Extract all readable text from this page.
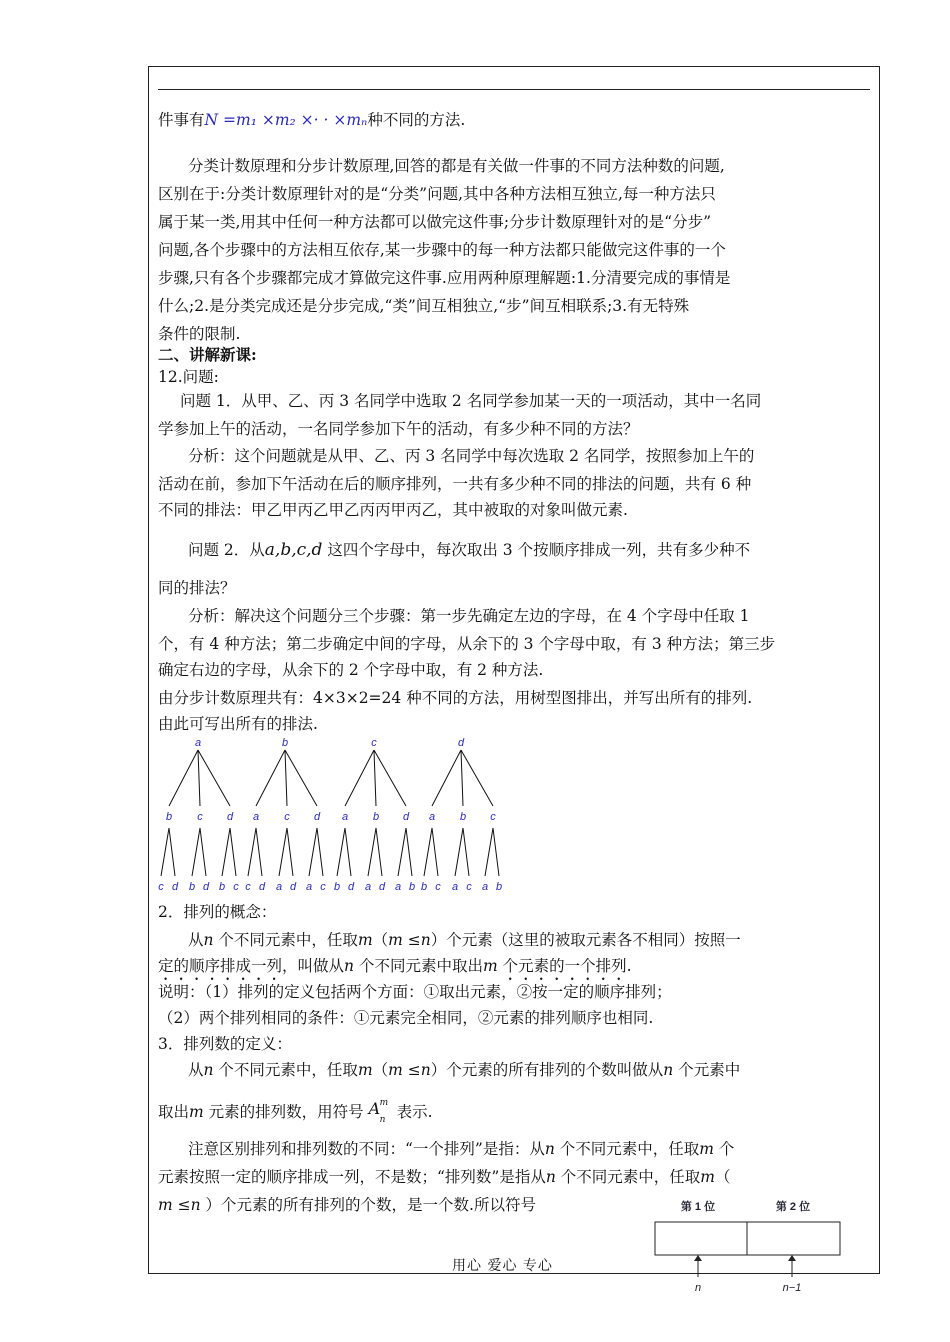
件事有N =m₁ ×m₂ ×· · ×mₙ种不同的方法.
分类计数原理和分步计数原理,回答的都是有关做一件事的不同方法种数的问题,
区别在于:分类计数原理针对的是“分类”问题,其中各种方法相互独立,每一种方法只
属于某一类,用其中任何一种方法都可以做完这件事;分步计数原理针对的是“分步”
问题,各个步骤中的方法相互依存,某一步骤中的每一种方法都只能做完这件事的一个
步骤,只有各个步骤都完成才算做完这件事.应用两种原理解题:1.分清要完成的事情是
什么;2.是分类完成还是分步完成,“类”间互相独立,“步”间互相联系;3.有无特殊
条件的限制.
二、讲解新课:
12.问题:
问题 1．从甲、乙、丙 3 名同学中选取 2 名同学参加某一天的一项活动，其中一名同
学参加上午的活动，一名同学参加下午的活动，有多少种不同的方法？
分析：这个问题就是从甲、乙、丙 3 名同学中每次选取 2 名同学，按照参加上午的
活动在前，参加下午活动在后的顺序排列，一共有多少种不同的排法的问题，共有 6 种
不同的排法：甲乙甲丙乙甲乙丙丙甲丙乙，其中被取的对象叫做元素.
问题 2．从a,b,c,d 这四个字母中，每次取出 3 个按顺序排成一列，共有多少种不
同的排法？
分析：解决这个问题分三个步骤：第一步先确定左边的字母，在 4 个字母中任取 1
个，有 4 种方法；第二步确定中间的字母，从余下的 3 个字母中取，有 3 种方法；第三步
确定右边的字母，从余下的 2 个字母中取，有 2 种方法.
由分步计数原理共有：4×3×2=24 种不同的方法，用树型图排出，并写出所有的排列.
由此可写出所有的排法.
a
b
c d
c
b d
d
b c
b
a
c d
c
a d
d
a c
c
a
b d
b
a d
d
a b
d
a
b c
b
a c
c
a b
2．排列的概念：
从n 个不同元素中，任取m（m ≤n）个元素（这里的被取元素各不相同）按照一
定的顺序排成一列，叫做从n 个不同元素中取出m 个元素的一个排列.
说明：（1）排列的定义包括两个方面：①取出元素，②按一定的顺序排列；
（2）两个排列相同的条件：①元素完全相同，②元素的排列顺序也相同.
3．排列数的定义：
从n 个不同元素中，任取m（m ≤n）个元素的所有排列的个数叫做从n 个元素中
取出m 元素的排列数，用符号 A m
n 表示.
注意区别排列和排列数的不同：“一个排列”是指：从n 个不同元素中，任取m 个
元素按照一定的顺序排成一列，不是数；“排列数”是指从n 个不同元素中，任取m（
m ≤n ）个元素的所有排列的个数，是一个数.所以符号	第 1 位	第 2 位
n	n−1
用心 爱心 专心
